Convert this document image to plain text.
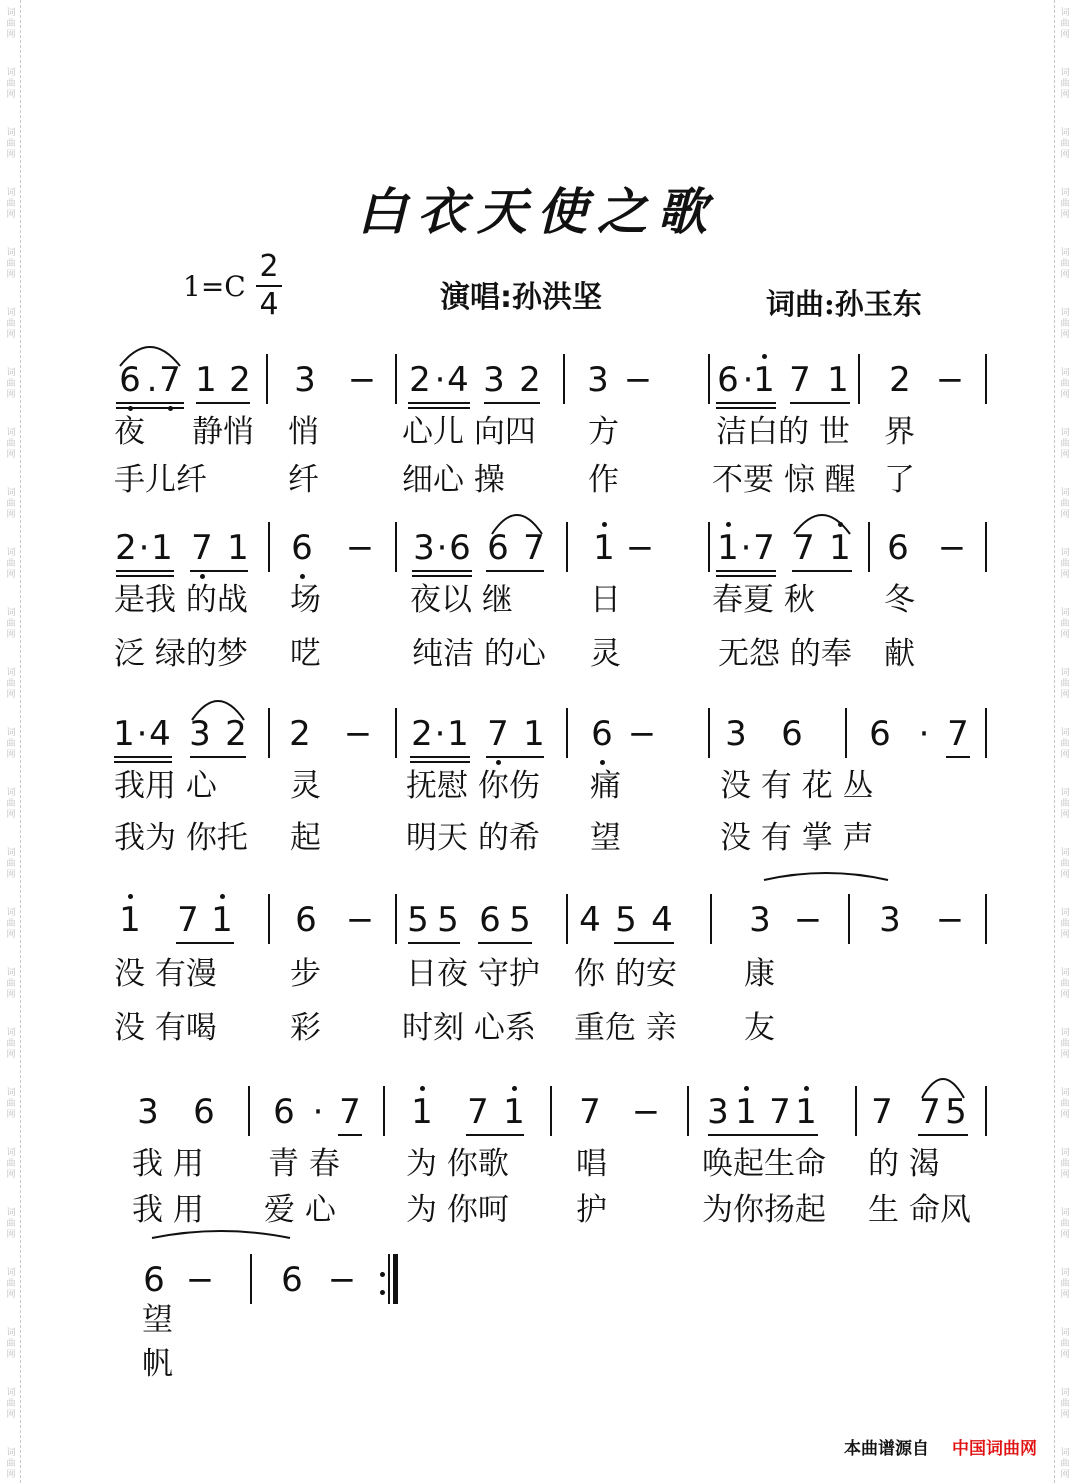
词
曲
网
词
曲
网
词
曲
网
词
曲
网
词
曲
网
词
曲
网
词
曲
网
词
曲
网
词
曲
网
词
曲
网
词
曲
网
词
曲
网
词
曲
网
词
曲
网
词
曲
网
词
曲
网
词
曲
网
词
曲
网
词
曲
网
词
曲
网
词
曲
网
词
曲
网
词
曲
网
词
曲
网
词
曲
网
词
曲
网
词
曲
网
词
曲
网
词
曲
网
词
曲
网
词
曲
网
词
曲
网
词
曲
网
词
曲
网
词
曲
网
词
曲
网
词
曲
网
词
曲
网
词
曲
网
词
曲
网
词
曲
网
词
曲
网
词
曲
网
词
曲
网
词
曲
网
词
曲
网
词
曲
网
词
曲
网
词
曲
网
词
曲
网
白衣天使之歌
1=C
2
4	演唱:孙洪坚	词曲:孙玉东
6 . 7 1 2 3 − 2 · 4 3 2 3 − 6 · 1 7 1 2 −
夜 静悄 悄	心儿 向四 方	洁白的 世 界
手儿纤	纤	细心 操	作	不要 惊 醒 了
2 · 1 7 1 6 − 3 · 6 6 7 1 − 1 · 7 7 1 6 −
是我 的战 场	夜以 继 日	春夏 秋 冬
泛 绿的梦 呓	纯洁 的心 灵	无怨 的奉 献
1 · 4 3 2 2 − 2 · 1 7 1 6 − 3 6 6 · 7
我用 心 灵	抚慰 你伤 痛	没 有 花 丛
我为 你托 起	明天 的希 望	没 有 掌 声
1 7 1 6 − 5 5 6 5 4 5 4 3 − 3 −
没 有漫 步	日夜 守护 你 的安 康
没 有喝 彩	时刻 心系 重危 亲 友
3 6 6 · 7 1 7 1 7 − 3 1 7 1 7 7 5
我 用 青 春 为 你歌 唱	唤起生命 的 渴
我 用 爱 心 为 你呵 护	为你扬起 生 命风
6 − 6 −
望
帆
本曲谱源自 中国词曲网
